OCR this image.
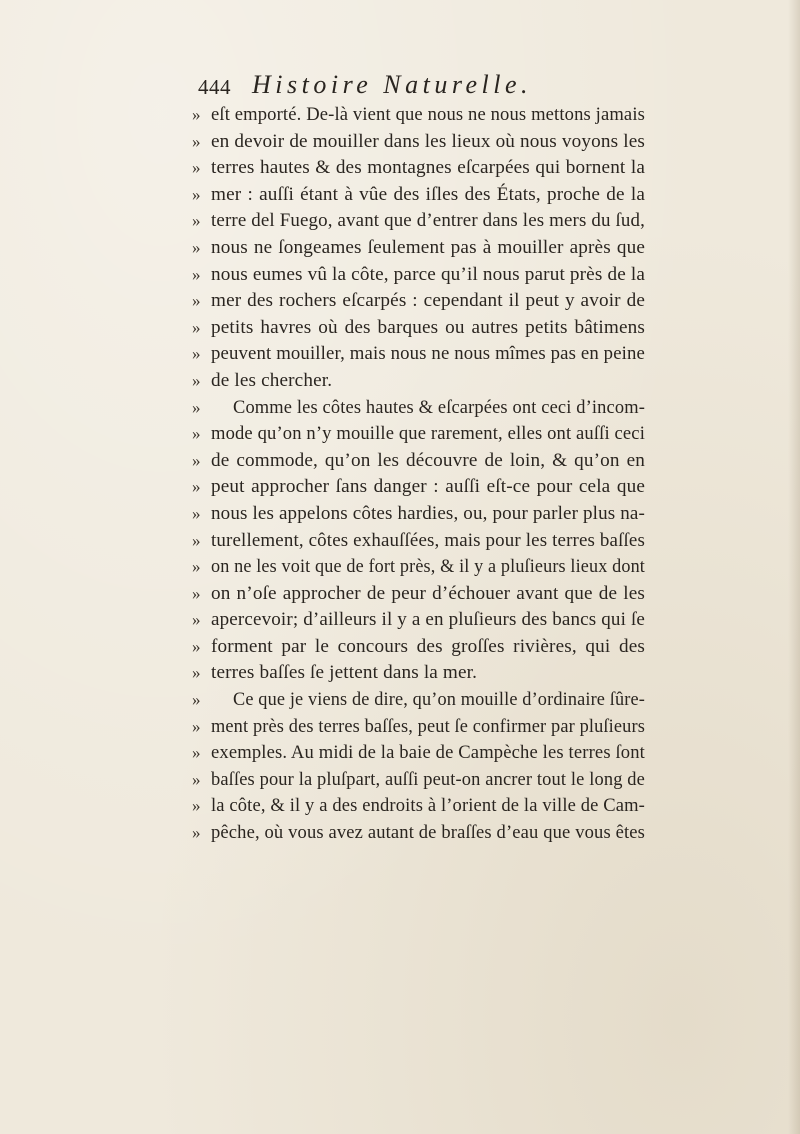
444 Histoire Naturelle.
» eſt emporté. De-là vient que nous ne nous mettons jamais
» en devoir de mouiller dans les lieux où nous voyons les
» terres hautes & des montagnes eſcarpées qui bornent la
» mer : auſſi étant à vûe des iſles des États, proche de la
» terre del Fuego, avant que d’entrer dans les mers du ſud,
» nous ne ſongeames ſeulement pas à mouiller après que
» nous eumes vû la côte, parce qu’il nous parut près de la
» mer des rochers eſcarpés : cependant il peut y avoir de
» petits havres où des barques ou autres petits bâtimens
» peuvent mouiller, mais nous ne nous mîmes pas en peine
» de les chercher.
»	Comme les côtes hautes & eſcarpées ont ceci d’incom-
» mode qu’on n’y mouille que rarement, elles ont auſſi ceci
» de commode, qu’on les découvre de loin, & qu’on en
» peut approcher ſans danger : auſſi eſt-ce pour cela que
» nous les appelons côtes hardies, ou, pour parler plus na-
» turellement, côtes exhauſſées, mais pour les terres baſſes
» on ne les voit que de fort près, & il y a pluſieurs lieux dont
» on n’oſe approcher de peur d’échouer avant que de les
» apercevoir; d’ailleurs il y a en pluſieurs des bancs qui ſe
» forment par le concours des groſſes rivières, qui des
» terres baſſes ſe jettent dans la mer.
»	Ce que je viens de dire, qu’on mouille d’ordinaire ſûre-
» ment près des terres baſſes, peut ſe confirmer par pluſieurs
» exemples. Au midi de la baie de Campèche les terres ſont
» baſſes pour la pluſpart, auſſi peut-on ancrer tout le long de
» la côte, & il y a des endroits à l’orient de la ville de Cam-
» pêche, où vous avez autant de braſſes d’eau que vous êtes
